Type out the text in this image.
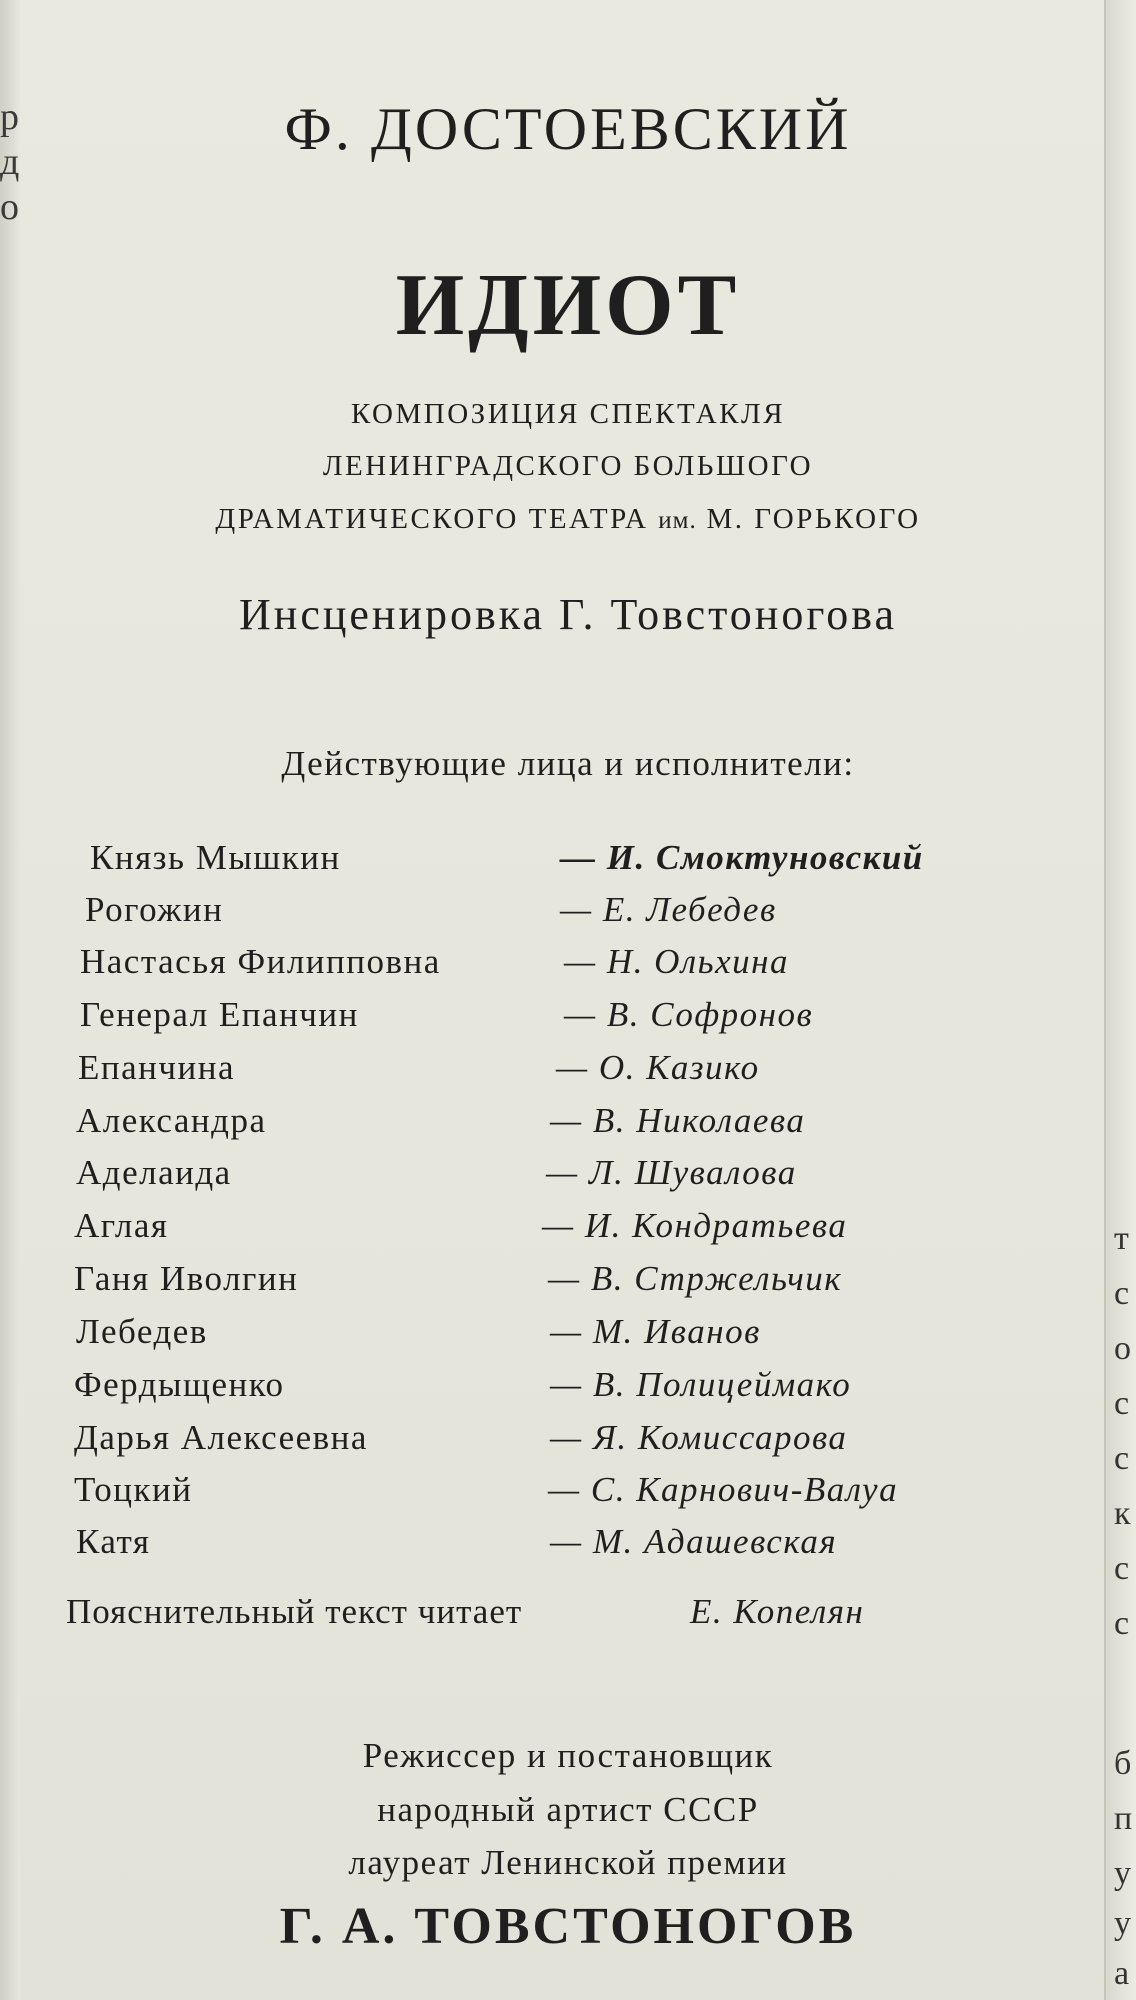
р
д
о
т
с
о
с
с
к
с
с
б
п
у
у
а
Ф. ДОСТОЕВСКИЙ
ИДИОТ
КОМПОЗИЦИЯ СПЕКТАКЛЯ
ЛЕНИНГРАДСКОГО БОЛЬШОГО
ДРАМАТИЧЕСКОГО ТЕАТРА им. М. ГОРЬКОГО
Инсценировка Г. Товстоногова
Действующие лица и исполнители:
Князь Мышкин	— И. Смоктуновский
Рогожин	— Е. Лебедев
Настасья Филипповна	— Н. Ольхина
Генерал Епанчин	— В. Софронов
Епанчина	— О. Казико
Александра	— В. Николаева
Аделаида	— Л. Шувалова
Аглая	— И. Кондратьева
Ганя Иволгин	— В. Стржельчик
Лебедев	— М. Иванов
Фердыщенко	— В. Полицеймако
Дарья Алексеевна	— Я. Комиссарова
Тоцкий	— С. Карнович-Валуа
Катя	— М. Адашевская
Пояснительный текст читает	Е. Копелян
Режиссер и постановщик
народный артист СССР
лауреат Ленинской премии
Г. А. ТОВСТОНОГОВ
